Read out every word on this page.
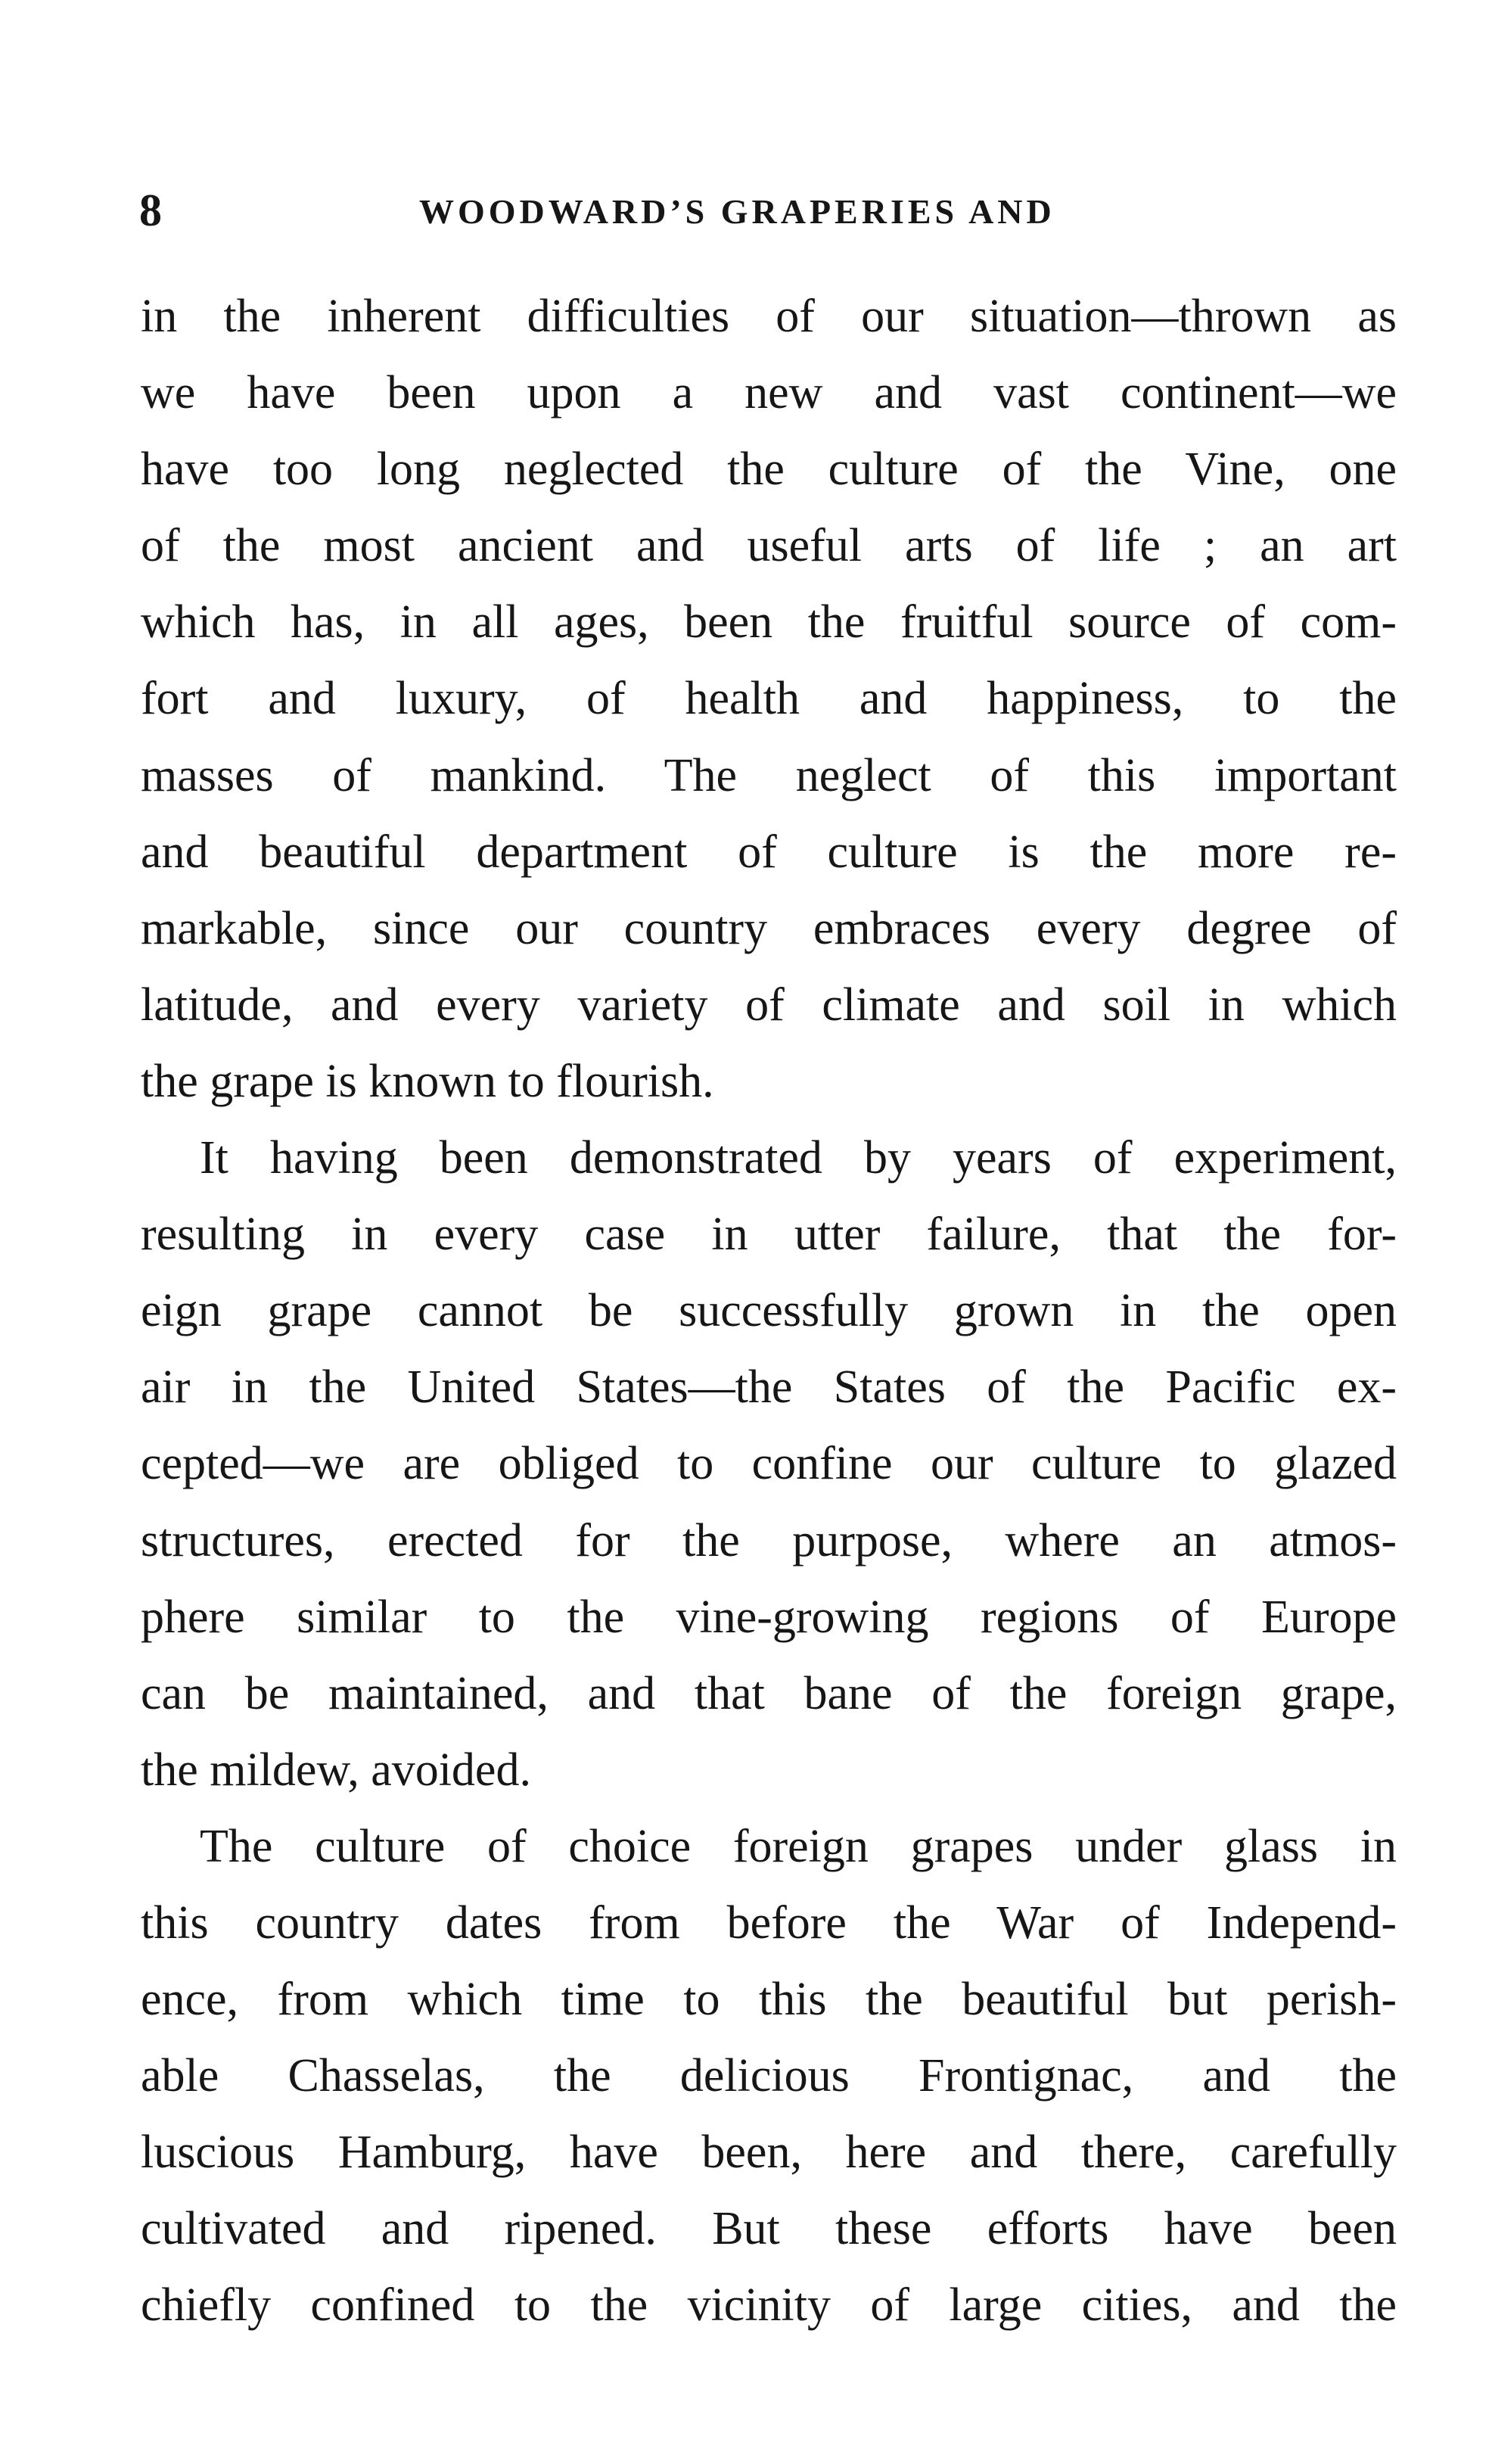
8	WOODWARD’S GRAPERIES AND
in the inherent difficulties of our situation—thrown as
we have been upon a new and vast continent—we
have too long neglected the culture of the Vine, one
of the most ancient and useful arts of life ; an art
which has, in all ages, been the fruitful source of com-
fort and luxury, of health and happiness, to the
masses of mankind. The neglect of this important
and beautiful department of culture is the more re-
markable, since our country embraces every degree of
latitude, and every variety of climate and soil in which
the grape is known to flourish.
It having been demonstrated by years of experiment,
resulting in every case in utter failure, that the for-
eign grape cannot be successfully grown in the open
air in the United States—the States of the Pacific ex-
cepted—we are obliged to confine our culture to glazed
structures, erected for the purpose, where an atmos-
phere similar to the vine-growing regions of Europe
can be maintained, and that bane of the foreign grape,
the mildew, avoided.
The culture of choice foreign grapes under glass in
this country dates from before the War of Independ-
ence, from which time to this the beautiful but perish-
able Chasselas, the delicious Frontignac, and the
luscious Hamburg, have been, here and there, carefully
cultivated and ripened. But these efforts have been
chiefly confined to the vicinity of large cities, and the
